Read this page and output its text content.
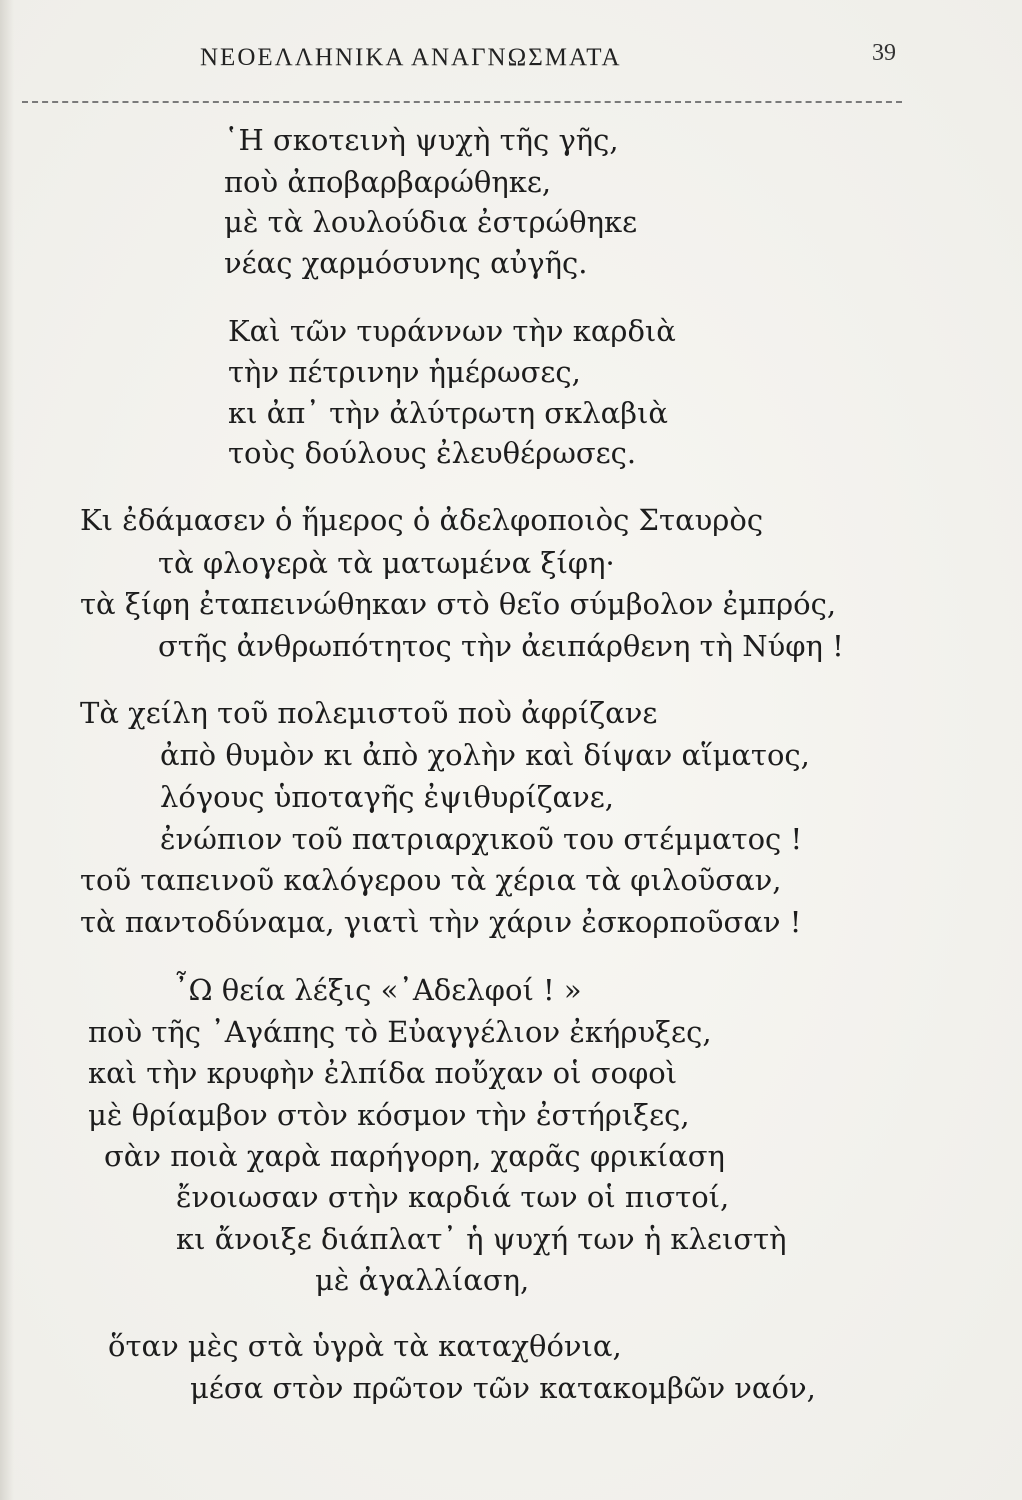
ΝΕΟΕΛΛΗΝΙΚΑ ΑΝΑΓΝΩΣΜΑΤΑ	39
῾Η σκοτεινὴ ψυχὴ τῆς γῆς,
ποὺ ἀποβαρβαρώθηκε,
μὲ τὰ λουλούδια ἐστρώθηκε
νέας χαρμόσυνης αὐγῆς.
Καὶ τῶν τυράννων τὴν καρδιὰ
τὴν πέτρινην ἡμέρωσες,
κι ἀπ᾽ τὴν ἀλύτρωτη σκλαβιὰ
τοὺς δούλους ἐλευθέρωσες.
Κι ἐδάμασεν ὁ ἥμερος ὁ ἀδελφοποιὸς Σταυρὸς
τὰ φλογερὰ τὰ ματωμένα ξίφη·
τὰ ξίφη ἐταπεινώθηκαν στὸ θεῖο σύμβολον ἐμπρός,
στῆς ἀνθρωπότητος τὴν ἀειπάρθενη τὴ Νύφη !
Τὰ χείλη τοῦ πολεμιστοῦ ποὺ ἀφρίζανε
ἀπὸ θυμὸν κι ἀπὸ χολὴν καὶ δίψαν αἵματος,
λόγους ὑποταγῆς ἐψιθυρίζανε,
ἐνώπιον τοῦ πατριαρχικοῦ του στέμματος !
τοῦ ταπεινοῦ καλόγερου τὰ χέρια τὰ φιλοῦσαν,
τὰ παντοδύναμα, γιατὶ τὴν χάριν ἐσκορποῦσαν !
῏Ω θεία λέξις «᾽Αδελφοί ! »
ποὺ τῆς ᾽Αγάπης τὸ Εὐαγγέλιον ἐκήρυξες,
καὶ τὴν κρυφὴν ἐλπίδα ποὔχαν οἱ σοφοὶ
μὲ θρίαμβον στὸν κόσμον τὴν ἐστήριξες,
σὰν ποιὰ χαρὰ παρήγορη, χαρᾶς φρικίαση
ἔνοιωσαν στὴν καρδιά των οἱ πιστοί,
κι ἄνοιξε διάπλατ᾽ ἡ ψυχή των ἡ κλειστὴ
μὲ ἀγαλλίαση,
ὅταν μὲς στὰ ὑγρὰ τὰ καταχθόνια,
μέσα στὸν πρῶτον τῶν κατακομβῶν ναόν,
